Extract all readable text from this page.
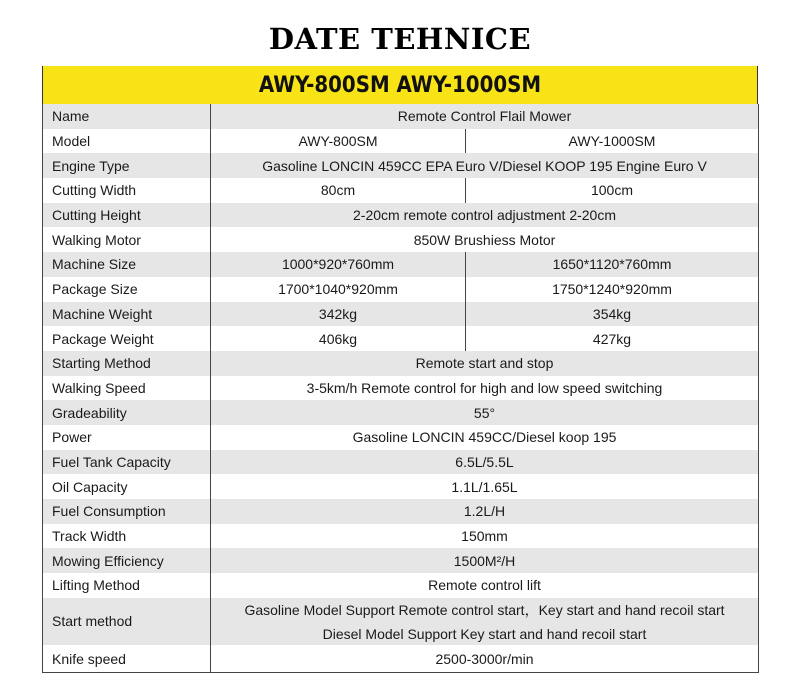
DATE TEHNICE
AWY-800SM AWY-1000SM
Name	Remote Control Flail Mower	
Model	AWY-800SM	AWY-1000SM
Engine Type	Gasoline LONCIN 459CC EPA Euro V/Diesel KOOP 195 Engine Euro V	
Cutting Width	80cm	100cm
Cutting Height	2-20cm remote control adjustment 2-20cm	
Walking Motor	850W Brushiess Motor	
Machine Size	1000*920*760mm	1650*1120*760mm
Package Size	1700*1040*920mm	1750*1240*920mm
Machine Weight	342kg	354kg
Package Weight	406kg	427kg
Starting Method	Remote start and stop	
Walking Speed	3-5km/h Remote control for high and low speed switching	
Gradeability	55°	
Power	Gasoline LONCIN 459CC/Diesel koop 195	
Fuel Tank Capacity	6.5L/5.5L	
Oil Capacity	1.1L/1.65L	
Fuel Consumption	1.2L/H	
Track Width	150mm	
Mowing Efficiency	1500M²/H	
Lifting Method	Remote control lift	
Start method	Gasoline Model Support Remote control start，Key start and hand recoil start
Diesel Model Support Key start and hand recoil start	

Knife speed	2500-3000r/min	
